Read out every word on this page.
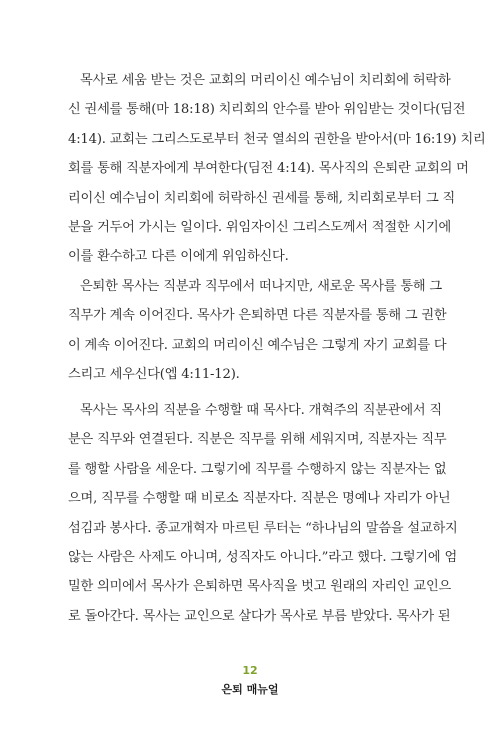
목사로 세움 받는 것은 교회의 머리이신 예수님이 치리회에 허락하
신 권세를 통해(마 18:18) 치리회의 안수를 받아 위임받는 것이다(딤전
4:14). 교회는 그리스도로부터 천국 열쇠의 권한을 받아서(마 16:19) 치리
회를 통해 직분자에게 부여한다(딤전 4:14). 목사직의 은퇴란 교회의 머
리이신 예수님이 치리회에 허락하신 권세를 통해, 치리회로부터 그 직
분을 거두어 가시는 일이다. 위임자이신 그리스도께서 적절한 시기에
이를 환수하고 다른 이에게 위임하신다.
은퇴한 목사는 직분과 직무에서 떠나지만, 새로운 목사를 통해 그
직무가 계속 이어진다. 목사가 은퇴하면 다른 직분자를 통해 그 권한
이 계속 이어진다. 교회의 머리이신 예수님은 그렇게 자기 교회를 다
스리고 세우신다(엡 4:11-12).
목사는 목사의 직분을 수행할 때 목사다. 개혁주의 직분관에서 직
분은 직무와 연결된다. 직분은 직무를 위해 세워지며, 직분자는 직무
를 행할 사람을 세운다. 그렇기에 직무를 수행하지 않는 직분자는 없
으며, 직무를 수행할 때 비로소 직분자다. 직분은 명예나 자리가 아닌
섬김과 봉사다. 종교개혁자 마르틴 루터는 “하나님의 말씀을 설교하지
않는 사람은 사제도 아니며, 성직자도 아니다.”라고 했다. 그렇기에 엄
밀한 의미에서 목사가 은퇴하면 목사직을 벗고 원래의 자리인 교인으
로 돌아간다. 목사는 교인으로 살다가 목사로 부름 받았다. 목사가 된
12
은퇴 매뉴얼
